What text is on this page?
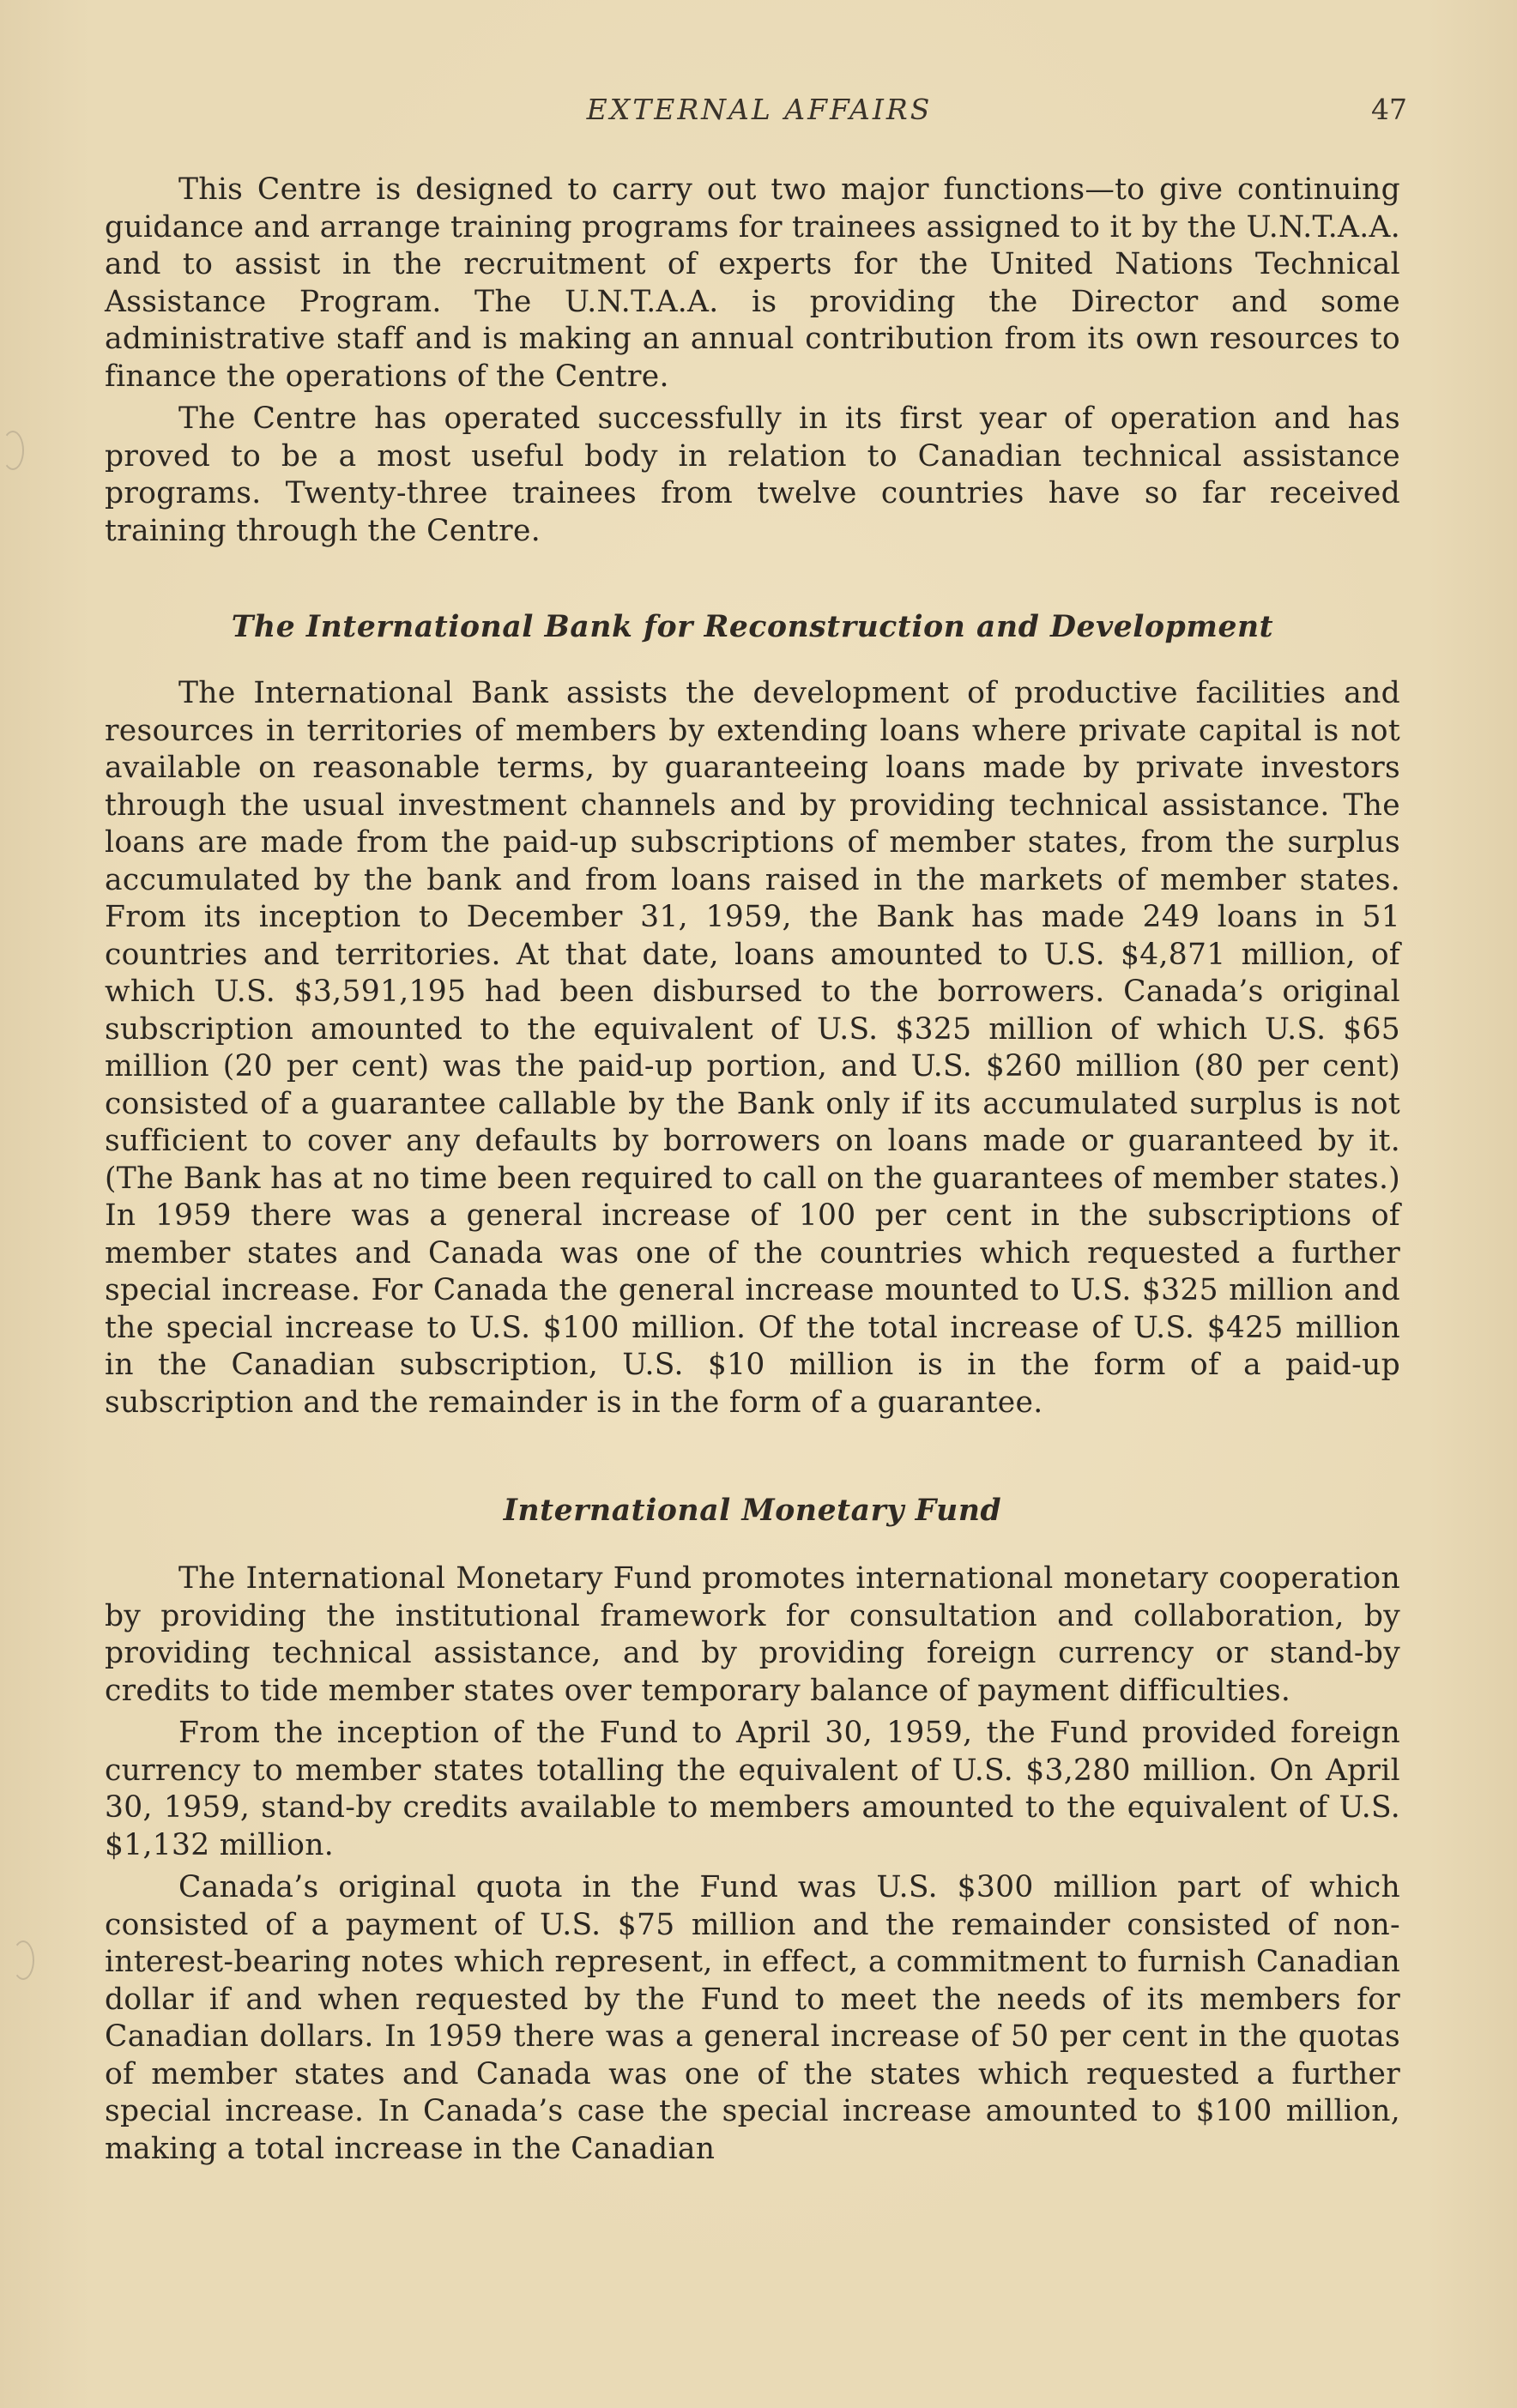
EXTERNAL AFFAIRS	47

This Centre is designed to carry out two major functions—to give continuing guidance and arrange training programs for trainees assigned to it by the U.N.T.A.A. and to assist in the recruitment of experts for the United Nations Technical Assistance Program. The U.N.T.A.A. is providing the Director and some administrative staff and is making an annual contribution from its own resources to finance the operations of the Centre.

The Centre has operated successfully in its first year of operation and has proved to be a most useful body in relation to Canadian technical assistance programs. Twenty-three trainees from twelve countries have so far received training through the Centre.

The International Bank for Reconstruction and Development

The International Bank assists the development of productive facilities and resources in territories of members by extending loans where private capital is not available on reasonable terms, by guaranteeing loans made by private investors through the usual investment channels and by providing technical assistance. The loans are made from the paid-up subscriptions of member states, from the surplus accumulated by the bank and from loans raised in the markets of member states. From its inception to December 31, 1959, the Bank has made 249 loans in 51 countries and territories. At that date, loans amounted to U.S. $4,871 million, of which U.S. $3,591,195 had been disbursed to the borrowers. Canada’s original subscription amounted to the equivalent of U.S. $325 million of which U.S. $65 million (20 per cent) was the paid-up portion, and U.S. $260 million (80 per cent) consisted of a guarantee callable by the Bank only if its accumulated surplus is not sufficient to cover any defaults by borrowers on loans made or guaranteed by it. (The Bank has at no time been required to call on the guarantees of member states.) In 1959 there was a general increase of 100 per cent in the subscriptions of member states and Canada was one of the countries which requested a further special increase. For Canada the general increase mounted to U.S. $325 million and the special increase to U.S. $100 million. Of the total increase of U.S. $425 million in the Canadian subscription, U.S. $10 million is in the form of a paid-up subscription and the remainder is in the form of a guarantee.

International Monetary Fund

The International Monetary Fund promotes international monetary cooperation by providing the institutional framework for consultation and collaboration, by providing technical assistance, and by providing foreign currency or stand-by credits to tide member states over temporary balance of payment difficulties.

From the inception of the Fund to April 30, 1959, the Fund provided foreign currency to member states totalling the equivalent of U.S. $3,280 million. On April 30, 1959, stand-by credits available to members amounted to the equivalent of U.S. $1,132 million.

Canada’s original quota in the Fund was U.S. $300 million part of which consisted of a payment of U.S. $75 million and the remainder consisted of non-interest-bearing notes which represent, in effect, a commitment to furnish Canadian dollar if and when requested by the Fund to meet the needs of its members for Canadian dollars. In 1959 there was a general increase of 50 per cent in the quotas of member states and Canada was one of the states which requested a further special increase. In Canada’s case the special increase amounted to $100 million, making a total increase in the Canadian
